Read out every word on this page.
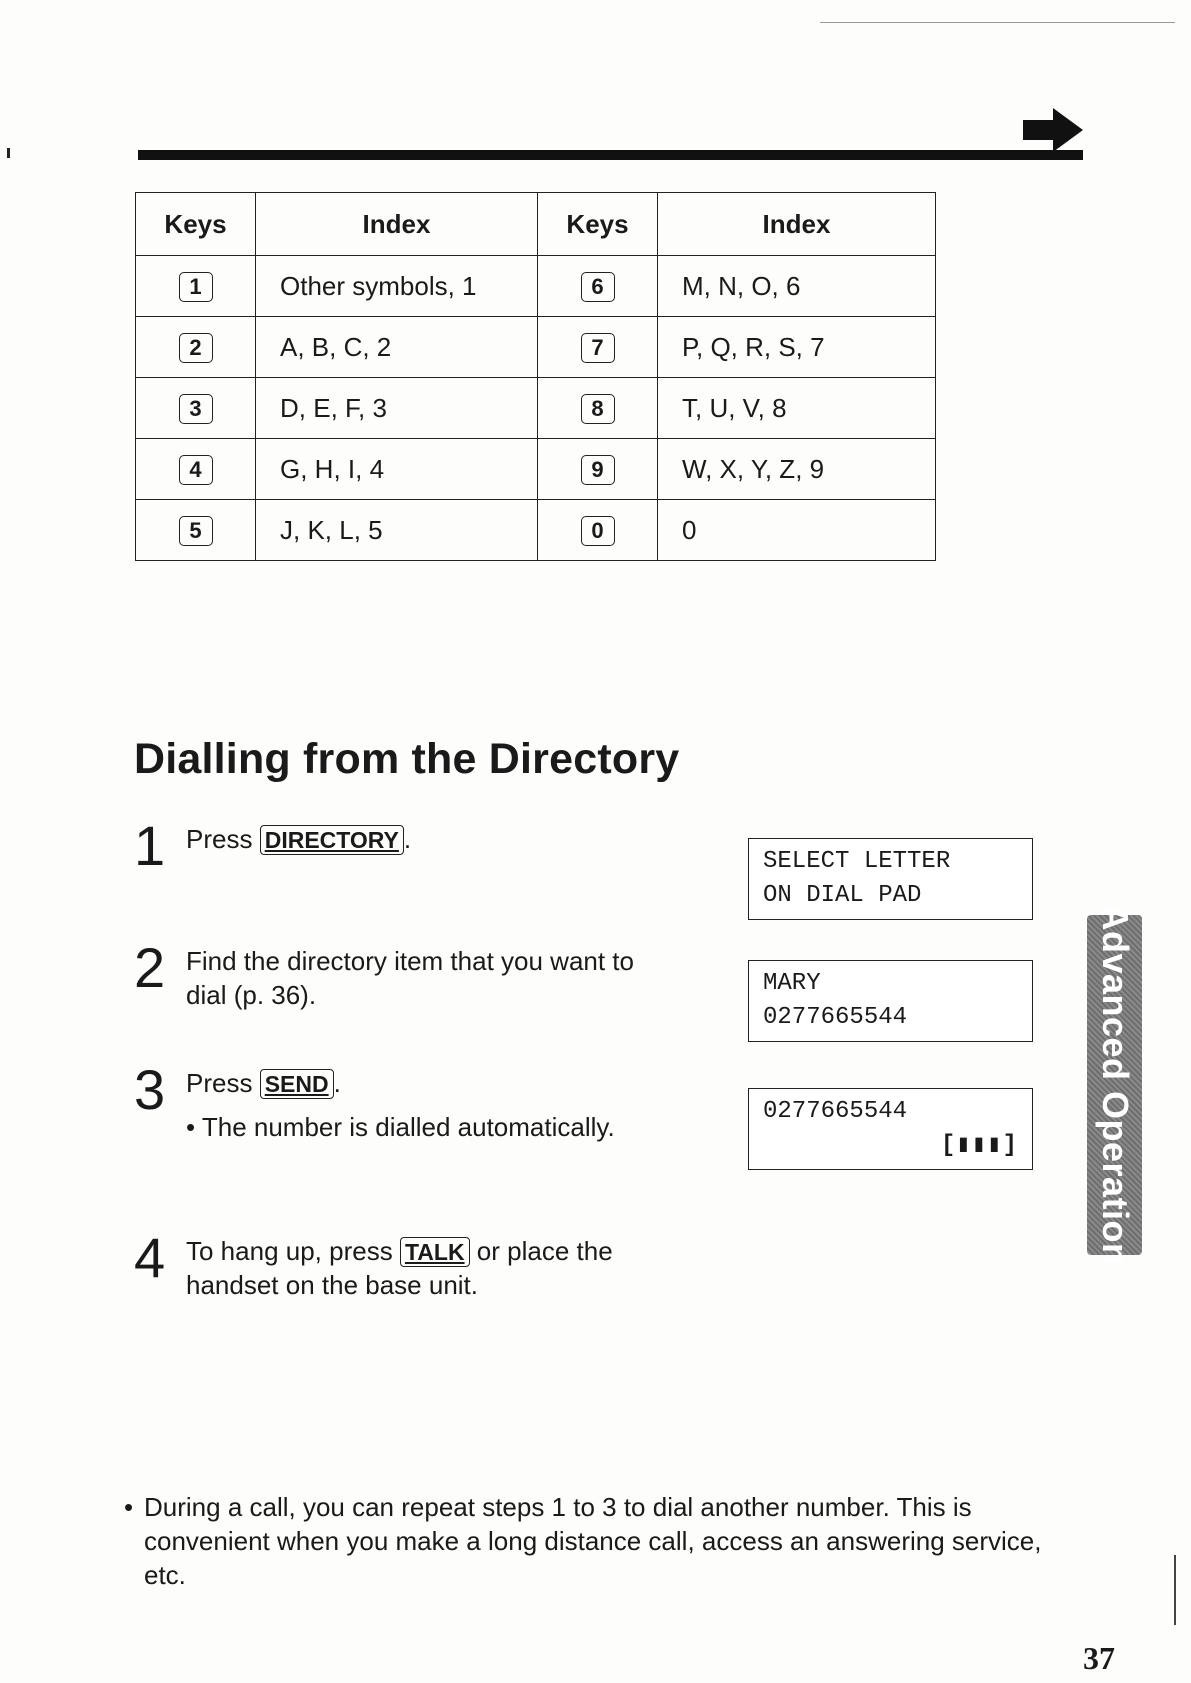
Keys	Index	Keys	Index
1	Other symbols, 1	6	M, N, O, 6
2	A, B, C, 2	7	P, Q, R, S, 7
3	D, E, F, 3	8	T, U, V, 8
4	G, H, I, 4	9	W, X, Y, Z, 9
5	J, K, L, 5	0	0
Dialling from the Directory
1 Press DIRECTORY .
2 Find the directory item that you want to dial (p. 36).
3 Press SEND .
• The number is dialled automatically.
4 To hang up, press TALK or place the handset on the base unit.
SELECT LETTER
ON DIAL PAD
MARY
0277665544
0277665544
[▮▮▮] Advanced Operation
• During a call, you can repeat steps 1 to 3 to dial another number. This is convenient when you make a long distance call, access an answering service, etc.
37
